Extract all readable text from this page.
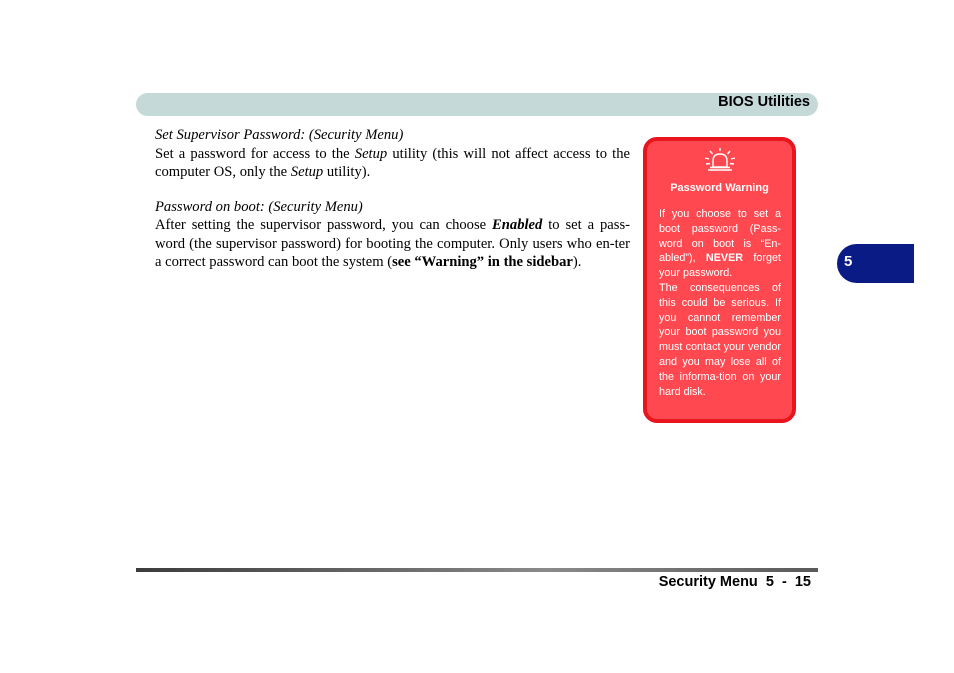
BIOS Utilities
5

Set Supervisor Password: (Security Menu)

Set a password for access to the Setup utility (this will not affect access to the computer OS, only the Setup utility).

Password on boot: (Security Menu)

After setting the supervisor password, you can choose Enabled to set a pass-word (the supervisor password) for booting the computer. Only users who en-ter a correct password can boot the system (see “Warning” in the sidebar).

Password Warning

If you choose to set a boot password (Pass-word on boot is “En-abled”), NEVER forget your password.

The consequences of this could be serious. If you cannot remember your boot password you must contact your vendor and you may lose all of the informa-tion on your hard disk.

Security Menu  5  -  15
